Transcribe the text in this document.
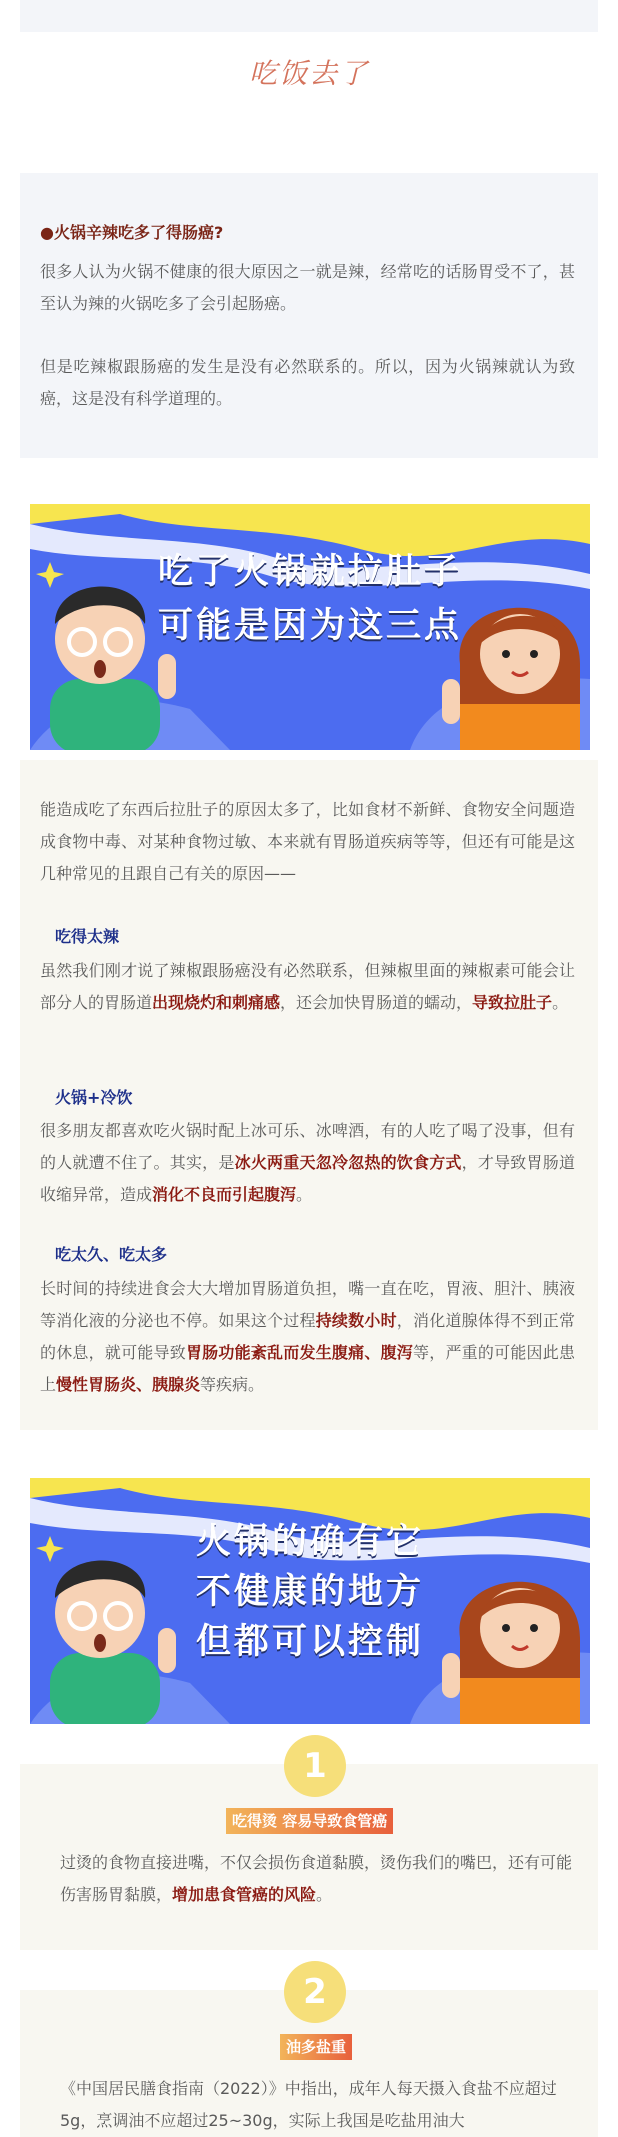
吃饭去了
●火锅辛辣吃多了得肠癌?
很多人认为火锅不健康的很大原因之一就是辣，经常吃的话肠胃受不了，甚至认为辣的火锅吃多了会引起肠癌。
但是吃辣椒跟肠癌的发生是没有必然联系的。所以，因为火锅辣就认为致癌，这是没有科学道理的。
吃了火锅就拉肚子
可能是因为这三点
能造成吃了东西后拉肚子的原因太多了，比如食材不新鲜、食物安全问题造成食物中毒、对某种食物过敏、本来就有胃肠道疾病等等，但还有可能是这几种常见的且跟自己有关的原因——
吃得太辣
虽然我们刚才说了辣椒跟肠癌没有必然联系，但辣椒里面的辣椒素可能会让部分人的胃肠道出现烧灼和刺痛感，还会加快胃肠道的蠕动，导致拉肚子。
火锅+冷饮
很多朋友都喜欢吃火锅时配上冰可乐、冰啤酒，有的人吃了喝了没事，但有的人就遭不住了。其实，是冰火两重天忽冷忽热的饮食方式，才导致胃肠道收缩异常，造成消化不良而引起腹泻。
吃太久、吃太多
长时间的持续进食会大大增加胃肠道负担，嘴一直在吃，胃液、胆汁、胰液等消化液的分泌也不停。如果这个过程持续数小时，消化道腺体得不到正常的休息，就可能导致胃肠功能紊乱而发生腹痛、腹泻等，严重的可能因此患上慢性胃肠炎、胰腺炎等疾病。
火锅的确有它
不健康的地方
但都可以控制
1
吃得烫 容易导致食管癌
过烫的食物直接进嘴，不仅会损伤食道黏膜，烫伤我们的嘴巴，还有可能伤害肠胃黏膜，增加患食管癌的风险。
2
油多盐重
《中国居民膳食指南（2022）》中指出，成年人每天摄入食盐不应超过5g，烹调油不应超过25~30g，实际上我国是吃盐用油大
